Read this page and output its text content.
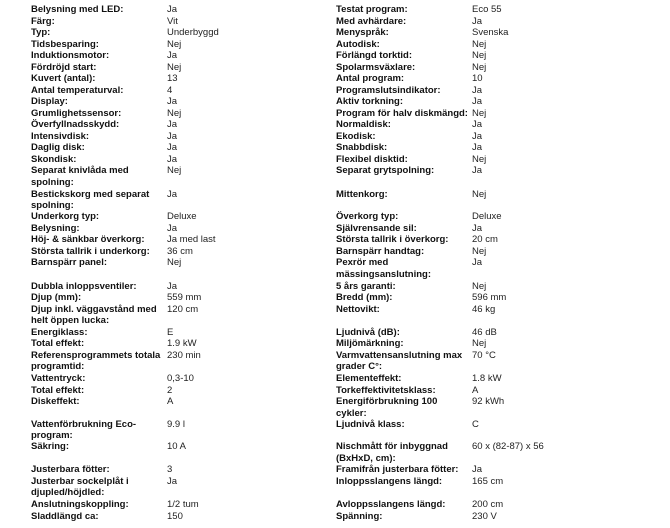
Belysning med LED:	Ja
Färg:	Vit
Typ:	Underbyggd
Tidsbesparing:	Nej
Induktionsmotor:	Ja
Fördröjd start:	Nej
Kuvert (antal):	13
Antal temperaturval:	4
Display:	Ja
Grumlighetssensor:	Nej
Överfyllnadsskydd:	Ja
Intensivdisk:	Ja
Daglig disk:	Ja
Skondisk:	Ja
Separat knivlåda med
spolning:
Nej
Bestickskorg med separat
spolning:
Ja
Underkorg typ:	Deluxe
Belysning:	Ja
Höj- & sänkbar överkorg: Ja med last
Största tallrik i underkorg: 36 cm
Barnspärr panel:	Nej
Dubbla inloppsventiler:	Ja
Djup (mm):	559 mm
Djup inkl. väggavstånd med
helt öppen lucka:
120 cm
Energiklass:	E
Total effekt:	1.9 kW
Referensprogrammets totala
programtid:
230 min
Vattentryck:	0,3-10
Total effekt:	2
Diskeffekt:	A
Vattenförbrukning Eco-
program:
9.9 l
Säkring:	10 A
Justerbara fötter:	3
Justerbar sockelplåt i
djupled/höjdled:
Ja
Anslutningskoppling:	1/2 tum
Sladdlängd ca:	150
Testat program:	Eco 55
Med avhärdare:	Ja
Menyspråk:	Svenska
Autodisk:	Nej
Förlängd torktid:	Nej
Spolarmsväxlare:	Nej
Antal program:	10
Programslutsindikator:	Ja
Aktiv torkning:	Ja
Program för halv diskmängd: Nej
Normaldisk:	Ja
Ekodisk:	Ja
Snabbdisk:	Ja
Flexibel disktid:	Nej
Separat grytspolning:	Ja
Mittenkorg:	Nej
Överkorg typ:	Deluxe
Självrensande sil:	Ja
Största tallrik i överkorg: 20 cm
Barnspärr handtag:	Nej
Pexrör med
mässingsanslutning:
Ja
5 års garanti:	Nej
Bredd (mm):	596 mm
Nettovikt:	46 kg
Ljudnivå (dB):	46 dB
Miljömärkning:	Nej
Varmvattensanslutning max
grader C°:
70 °C
Elementeffekt:	1.8 kW
Torkeffektivitetsklass:	A
Energiförbrukning 100
cykler:
92 kWh
Ljudnivå klass:	C
Nischmått för inbyggnad
(BxHxD, cm):
60 x (82-87) x 56
Framifrån justerbara fötter: Ja
Inloppsslangens längd:	165 cm
Avloppsslangens längd:	200 cm
Spänning:	230 V
